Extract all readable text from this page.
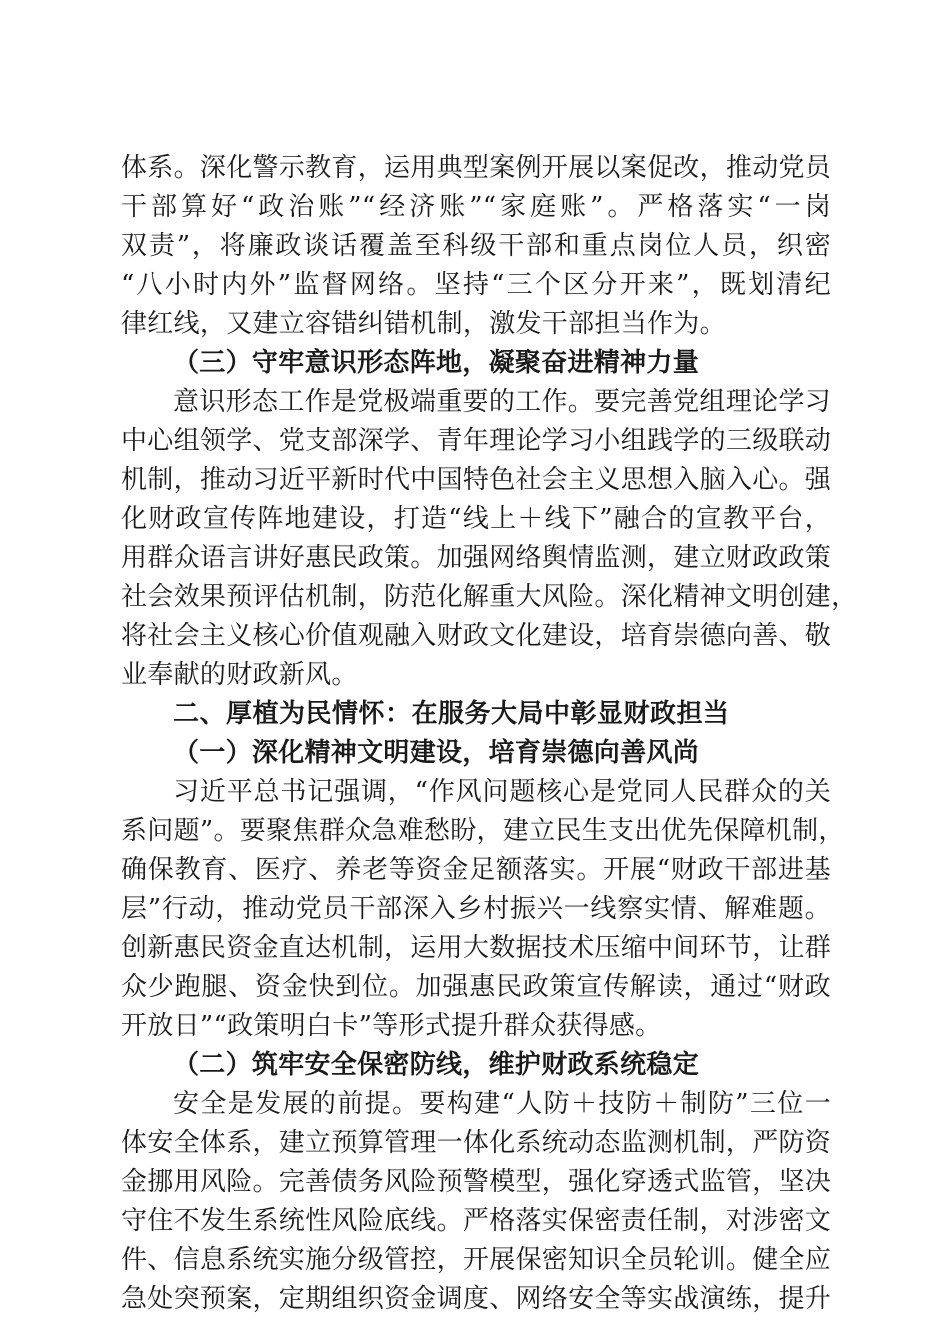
体系。深化警示教育，运用典型案例开展以案促改，推动党员
干部算好“政治账”“经济账”“家庭账”。严格落实“一岗
双责”，将廉政谈话覆盖至科级干部和重点岗位人员，织密
“八小时内外”监督网络。坚持“三个区分开来”，既划清纪
律红线，又建立容错纠错机制，激发干部担当作为。
（三）守牢意识形态阵地，凝聚奋进精神力量
意识形态工作是党极端重要的工作。要完善党组理论学习
中心组领学、党支部深学、青年理论学习小组践学的三级联动
机制，推动习近平新时代中国特色社会主义思想入脑入心。强
化财政宣传阵地建设，打造“线上＋线下”融合的宣教平台，
用群众语言讲好惠民政策。加强网络舆情监测，建立财政政策
社会效果预评估机制，防范化解重大风险。深化精神文明创建，
将社会主义核心价值观融入财政文化建设，培育崇德向善、敬
业奉献的财政新风。
二、厚植为民情怀：在服务大局中彰显财政担当
（一）深化精神文明建设，培育崇德向善风尚
习近平总书记强调，“作风问题核心是党同人民群众的关
系问题”。要聚焦群众急难愁盼，建立民生支出优先保障机制，
确保教育、医疗、养老等资金足额落实。开展“财政干部进基
层”行动，推动党员干部深入乡村振兴一线察实情、解难题。
创新惠民资金直达机制，运用大数据技术压缩中间环节，让群
众少跑腿、资金快到位。加强惠民政策宣传解读，通过“财政
开放日”“政策明白卡”等形式提升群众获得感。
（二）筑牢安全保密防线，维护财政系统稳定
安全是发展的前提。要构建“人防＋技防＋制防”三位一
体安全体系，建立预算管理一体化系统动态监测机制，严防资
金挪用风险。完善债务风险预警模型，强化穿透式监管，坚决
守住不发生系统性风险底线。严格落实保密责任制，对涉密文
件、信息系统实施分级管控，开展保密知识全员轮训。健全应
急处突预案，定期组织资金调度、网络安全等实战演练，提升
